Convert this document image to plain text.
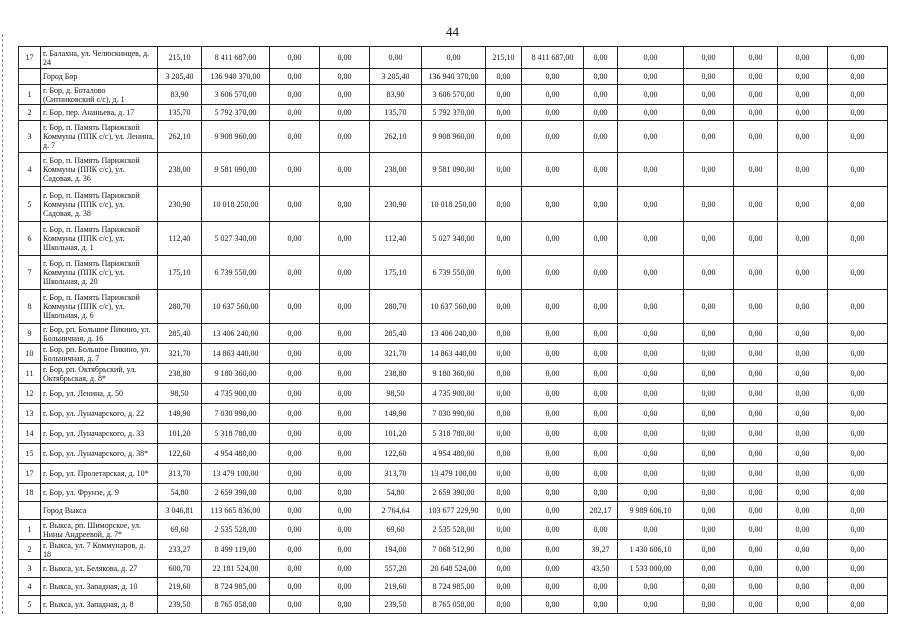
44
17	г. Балахна, ул. Челюскинцев, д. 24	215,10	8 411 687,00	0,00	0,00	0,00	0,00	215,10	8 411 687,00	0,00	0,00	0,00	0,00	0,00	0,00
	Город Бор	3 205,40	136 940 370,00	0,00	0,00	3 205,40	136 940 370,00	0,00	0,00	0,00	0,00	0,00	0,00	0,00	0,00
1	г. Бор, д. Боталово (Ситниковский с/с), д. 1	83,90	3 606 570,00	0,00	0,00	83,90	3 606 570,00	0,00	0,00	0,00	0,00	0,00	0,00	0,00	0,00
2	г. Бор, пер. Ананьева, д. 17	135,70	5 792 370,00	0,00	0,00	135,70	5 792 370,00	0,00	0,00	0,00	0,00	0,00	0,00	0,00	0,00
3	г. Бор, п. Память Парижской Коммуны (ППК с/с), ул. Ленина, д. 7	262,10	9 908 960,00	0,00	0,00	262,10	9 908 960,00	0,00	0,00	0,00	0,00	0,00	0,00	0,00	0,00
4	г. Бор, п. Память Парижской Коммуны (ППК с/с), ул. Садовая, д. 36	238,00	9 581 090,00	0,00	0,00	238,00	9 581 090,00	0,00	0,00	0,00	0,00	0,00	0,00	0,00	0,00
5	г. Бор, п. Память Парижской Коммуны (ППК с/с), ул. Садовая, д. 38	230,90	10 018 250,00	0,00	0,00	230,90	10 018 250,00	0,00	0,00	0,00	0,00	0,00	0,00	0,00	0,00
6	г. Бор, п. Память Парижской Коммуны (ППК с/с), ул. Школьная, д. 1	112,40	5 027 340,00	0,00	0,00	112,40	5 027 340,00	0,00	0,00	0,00	0,00	0,00	0,00	0,00	0,00
7	г. Бор, п. Память Парижской Коммуны (ППК с/с), ул. Школьная, д. 20	175,10	6 739 550,00	0,00	0,00	175,10	6 739 550,00	0,00	0,00	0,00	0,00	0,00	0,00	0,00	0,00
8	г. Бор, п. Память Парижской Коммуны (ППК с/с), ул. Школьная, д. 6	280,70	10 637 560,00	0,00	0,00	280,70	10 637 560,00	0,00	0,00	0,00	0,00	0,00	0,00	0,00	0,00
9	г. Бор, рп. Большое Пикино, ул. Больничная, д. 16	285,40	13 406 240,00	0,00	0,00	285,40	13 406 240,00	0,00	0,00	0,00	0,00	0,00	0,00	0,00	0,00
10	г. Бор, рп. Большое Пикино, ул. Больничная, д. 7	321,70	14 863 440,00	0,00	0,00	321,70	14 863 440,00	0,00	0,00	0,00	0,00	0,00	0,00	0,00	0,00
11	г. Бор, рп. Октябрьский, ул. Октябрьская, д. 8*	238,80	9 180 360,00	0,00	0,00	238,80	9 180 360,00	0,00	0,00	0,00	0,00	0,00	0,00	0,00	0,00
12	г. Бор, ул. Ленина, д. 50	98,50	4 735 900,00	0,00	0,00	98,50	4 735 900,00	0,00	0,00	0,00	0,00	0,00	0,00	0,00	0,00
13	г. Бор, ул. Луначарского, д. 22	149,90	7 030 990,00	0,00	0,00	149,90	7 030 990,00	0,00	0,00	0,00	0,00	0,00	0,00	0,00	0,00
14	г. Бор, ул. Луначарского, д. 33	101,20	5 318 780,00	0,00	0,00	101,20	5 318 780,00	0,00	0,00	0,00	0,00	0,00	0,00	0,00	0,00
15	г. Бор, ул. Луначарского, д. 38*	122,60	4 954 480,00	0,00	0,00	122,60	4 954 480,00	0,00	0,00	0,00	0,00	0,00	0,00	0,00	0,00
17	г. Бор, ул. Пролетарская, д. 10*	313,70	13 479 100,00	0,00	0,00	313,70	13 479 100,00	0,00	0,00	0,00	0,00	0,00	0,00	0,00	0,00
18	г. Бор, ул. Фрунзе, д. 9	54,80	2 659 390,00	0,00	0,00	54,80	2 659 390,00	0,00	0,00	0,00	0,00	0,00	0,00	0,00	0,00
	Город Выкса	3 046,81	113 665 836,00	0,00	0,00	2 764,64	103 677 229,90	0,00	0,00	282,17	9 989 606,10	0,00	0,00	0,00	0,00
1	г. Выкса, рп. Шиморское, ул. Нины Андреевой, д. 7*	69,60	2 535 528,00	0,00	0,00	69,60	2 535 528,00	0,00	0,00	0,00	0,00	0,00	0,00	0,00	0,00
2	г. Выкса, ул. 7 Коммунаров, д. 18	233,27	8 499 119,00	0,00	0,00	194,00	7 068 512,90	0,00	0,00	39,27	1 430 606,10	0,00	0,00	0,00	0,00
3	г. Выкса, ул. Белякова, д. 27	600,70	22 181 524,00	0,00	0,00	557,20	20 648 524,00	0,00	0,00	43,50	1 533 000,00	0,00	0,00	0,00	0,00
4	г. Выкса, ул. Западная, д. 10	219,60	8 724 985,00	0,00	0,00	219,60	8 724 985,00	0,00	0,00	0,00	0,00	0,00	0,00	0,00	0,00
5	г. Выкса, ул. Западная, д. 8	239,50	8 765 058,00	0,00	0,00	239,50	8 765 058,00	0,00	0,00	0,00	0,00	0,00	0,00	0,00	0,00
